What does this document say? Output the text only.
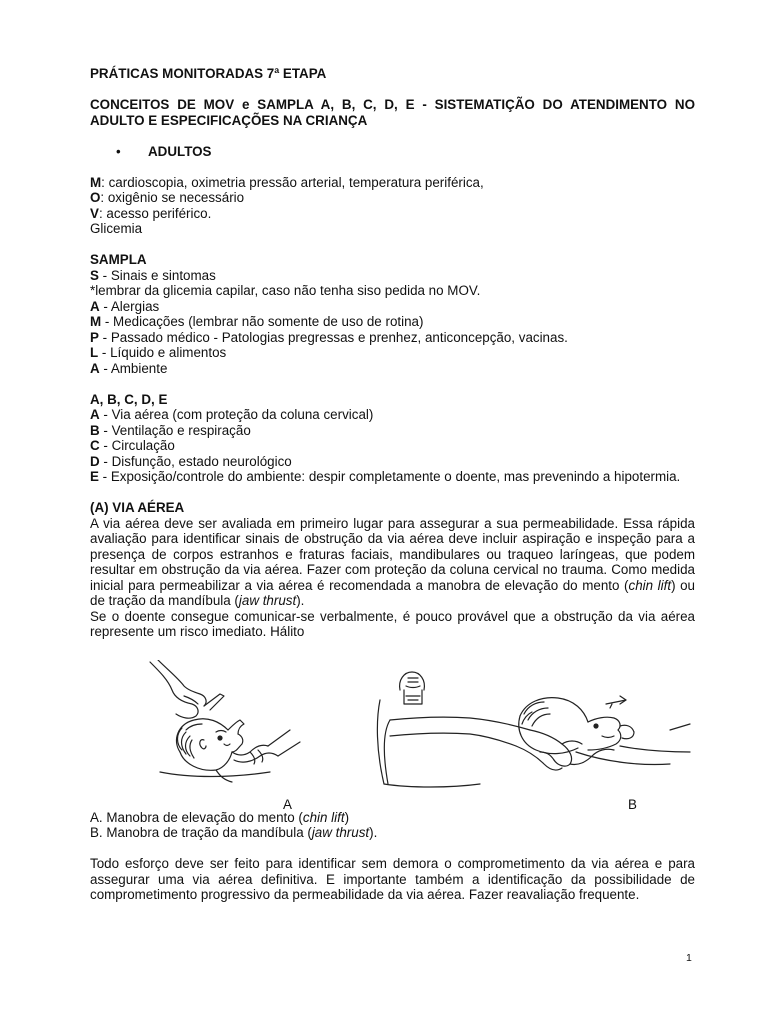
PRÁTICAS MONITORADAS 7ª ETAPA
CONCEITOS DE MOV e SAMPLA A, B, C, D, E - SISTEMATIÇÃO DO ATENDIMENTO NO ADULTO E ESPECIFICAÇÕES NA CRIANÇA
•	ADULTOS
M: cardioscopia, oximetria pressão arterial, temperatura periférica,
O: oxigênio se necessário
V: acesso periférico.
Glicemia
SAMPLA
S - Sinais e sintomas
*lembrar da glicemia capilar, caso não tenha siso pedida no MOV.
A - Alergias
M - Medicações (lembrar não somente de uso de rotina)
P - Passado médico - Patologias pregressas e prenhez, anticoncepção, vacinas.
L - Líquido e alimentos
A - Ambiente
A, B, C, D, E
A - Via aérea (com proteção da coluna cervical)
B - Ventilação e respiração
C - Circulação
D - Disfunção, estado neurológico
E - Exposição/controle do ambiente: despir completamente o doente, mas prevenindo a hipotermia.
(A) VIA AÉREA
A via aérea deve ser avaliada em primeiro lugar para assegurar a sua permeabilidade. Essa rápida avaliação para identificar sinais de obstrução da via aérea deve incluir aspiração e inspeção para a presença de corpos estranhos e fraturas faciais, mandibulares ou traqueo laríngeas, que podem resultar em obstrução da via aérea. Fazer com proteção da coluna cervical no trauma. Como medida inicial para permeabilizar a via aérea é recomendada a manobra de elevação do mento (chin lift) ou de tração da mandíbula (jaw thrust).
Se o doente consegue comunicar-se verbalmente, é pouco provável que a obstrução da via aérea represente um risco imediato. Hálito
A	B
A. Manobra de elevação do mento (chin lift)
B. Manobra de tração da mandíbula (jaw thrust).
Todo esforço deve ser feito para identificar sem demora o comprometimento da via aérea e para assegurar uma via aérea definitiva. E importante também a identificação da possibilidade de comprometimento progressivo da permeabilidade da via aérea. Fazer reavaliação frequente.
1
